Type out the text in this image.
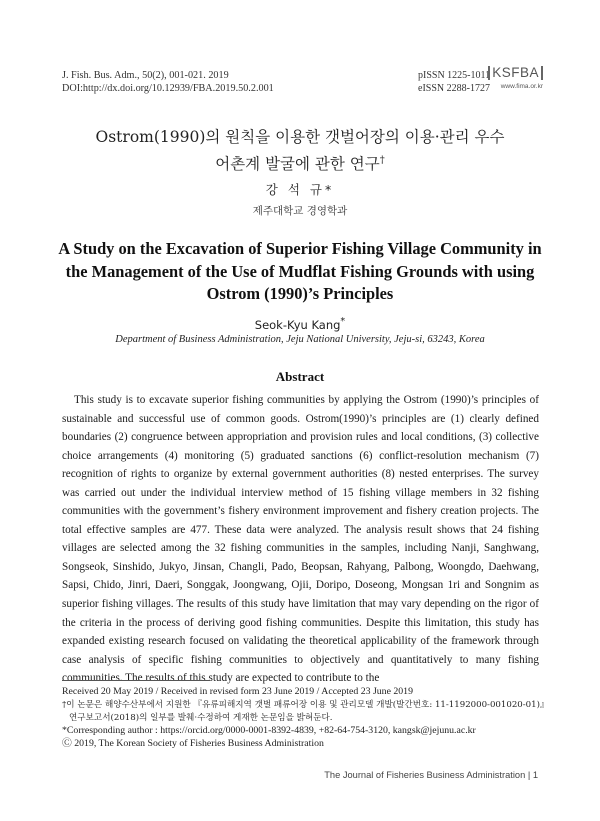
J. Fish. Bus. Adm., 50(2), 001-021. 2019
DOI:http://dx.doi.org/10.12939/FBA.2019.50.2.001
pISSN 1225-1011
eISSN 2288-1727
KSFBA
www.fima.or.kr
Ostrom(1990)의 원칙을 이용한 갯벌어장의 이용·관리 우수
어촌계 발굴에 관한 연구†
강 석 규*
제주대학교 경영학과
A Study on the Excavation of Superior Fishing Village Community in
the Management of the Use of Mudflat Fishing Grounds with using
Ostrom (1990)’s Principles
Seok-Kyu Kang*
Department of Business Administration, Jeju National University, Jeju-si, 63243, Korea
Abstract

This study is to excavate superior fishing communities by applying the Ostrom (1990)’s principles of sustainable and successful use of common goods. Ostrom(1990)’s principles are (1) clearly defined boundaries (2) congruence between appropriation and provision rules and local conditions, (3) collective choice arrangements (4) monitoring (5) graduated sanctions (6) conflict-resolution mechanism (7) recognition of rights to organize by external government authorities (8) nested enterprises. The survey was carried out under the individual interview method of 15 fishing village members in 32 fishing communities with the government’s fishery environment improvement and fishery creation projects. The total effective samples are 477. These data were analyzed. The analysis result shows that 24 fishing villages are selected among the 32 fishing communities in the samples, including Nanji, Sanghwang, Songseok, Sinshido, Jukyo, Jinsan, Changli, Pado, Beopsan, Rahyang, Palbong, Woongdo, Daehwang, Sapsi, Chido, Jinri, Daeri, Songgak, Joongwang, Ojii, Doripo, Doseong, Mongsan 1ri and Songnim as superior fishing villages. The results of this study have limitation that may vary depending on the rigor of the criteria in the process of deriving good fishing communities. Despite this limitation, this study has expanded existing research focused on validating the theoretical applicability of the framework through case analysis of specific fishing communities to objectively and quantitatively to many fishing communities. The results of this study are expected to contribute to the

Received 20 May 2019 / Received in revised form 23 June 2019 / Accepted 23 June 2019
†이 논문은 해양수산부에서 지원한 『유류피해지역 갯벌 패류어장 이용 및 관리모델 개발(발간번호: 11-1192000-001020-01)』
연구보고서(2018)의 일부를 발췌·수정하여 게재한 논문임을 밝혀둔다.
*Corresponding author : https://orcid.org/0000-0001-8392-4839, +82-64-754-3120, kangsk@jejunu.ac.kr
Ⓒ 2019, The Korean Society of Fisheries Business Administration
The Journal of Fisheries Business Administration | 1
